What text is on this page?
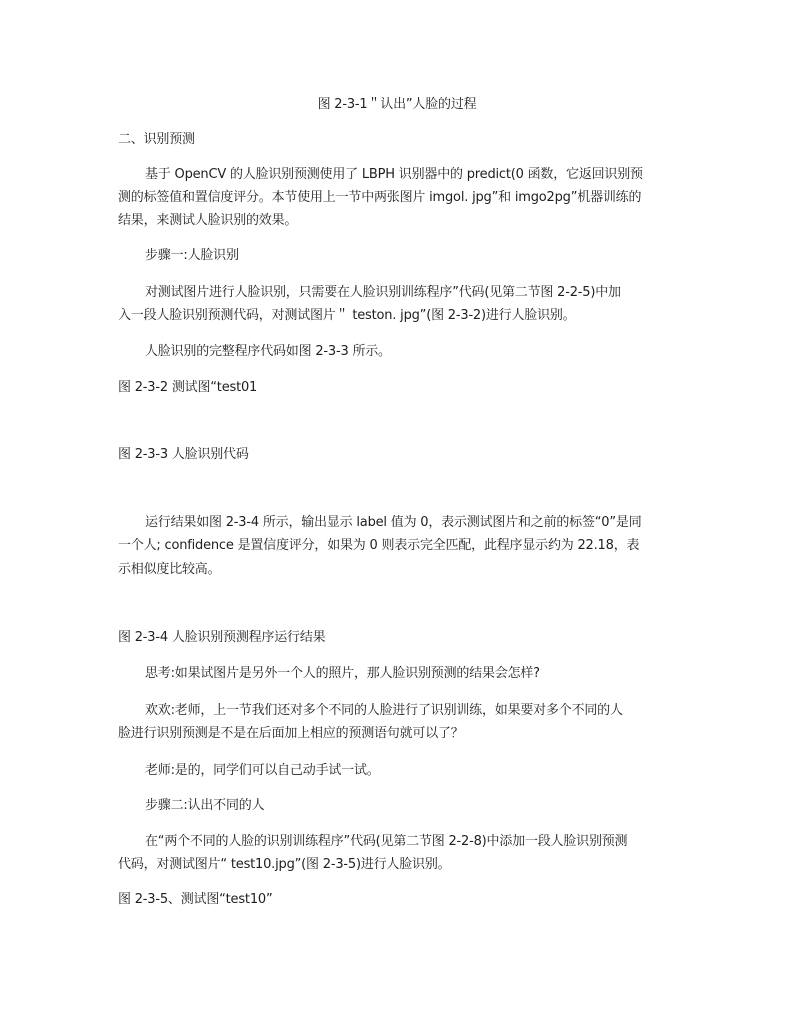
图 2-3-1＂认出”人脸的过程
二、识别预测
基于 OpenCV 的人脸识别预测使用了 LBPH 识别器中的 predict(0 函数，它返回识别预
测的标签值和置信度评分。本节使用上一节中两张图片 imgol. jpg”和 imgo2pg”机器训练的
结果，来测试人脸识别的效果。
步骤一:人脸识别
对测试图片进行人脸识别，只需要在人脸识别训练程序”代码(见第二节图 2-2-5)中加
入一段人脸识别预测代码，对测试图片＂ teston. jpg”(图 2-3-2)进行人脸识别。
人脸识别的完整程序代码如图 2-3-3 所示。
图 2-3-2 测试图“test01
图 2-3-3 人脸识别代码
运行结果如图 2-3-4 所示，输出显示 label 值为 0，表示测试图片和之前的标签“0”是同
一个人; confidence 是置信度评分，如果为 0 则表示完全匹配，此程序显示约为 22.18，表
示相似度比较高。
图 2-3-4 人脸识别预测程序运行结果
思考:如果试图片是另外一个人的照片，那人脸识别预测的结果会怎样?
欢欢:老师，上一节我们还对多个不同的人脸进行了识别训练，如果要对多个不同的人
脸进行识别预测是不是在后面加上相应的预测语句就可以了？
老师:是的，同学们可以自己动手试一试。
步骤二:认出不同的人
在“两个不同的人脸的识别训练程序”代码(见第二节图 2-2-8)中添加一段人脸识别预测
代码，对测试图片“ test10.jpg”(图 2-3-5)进行人脸识别。
图 2-3-5、测试图“test10”
